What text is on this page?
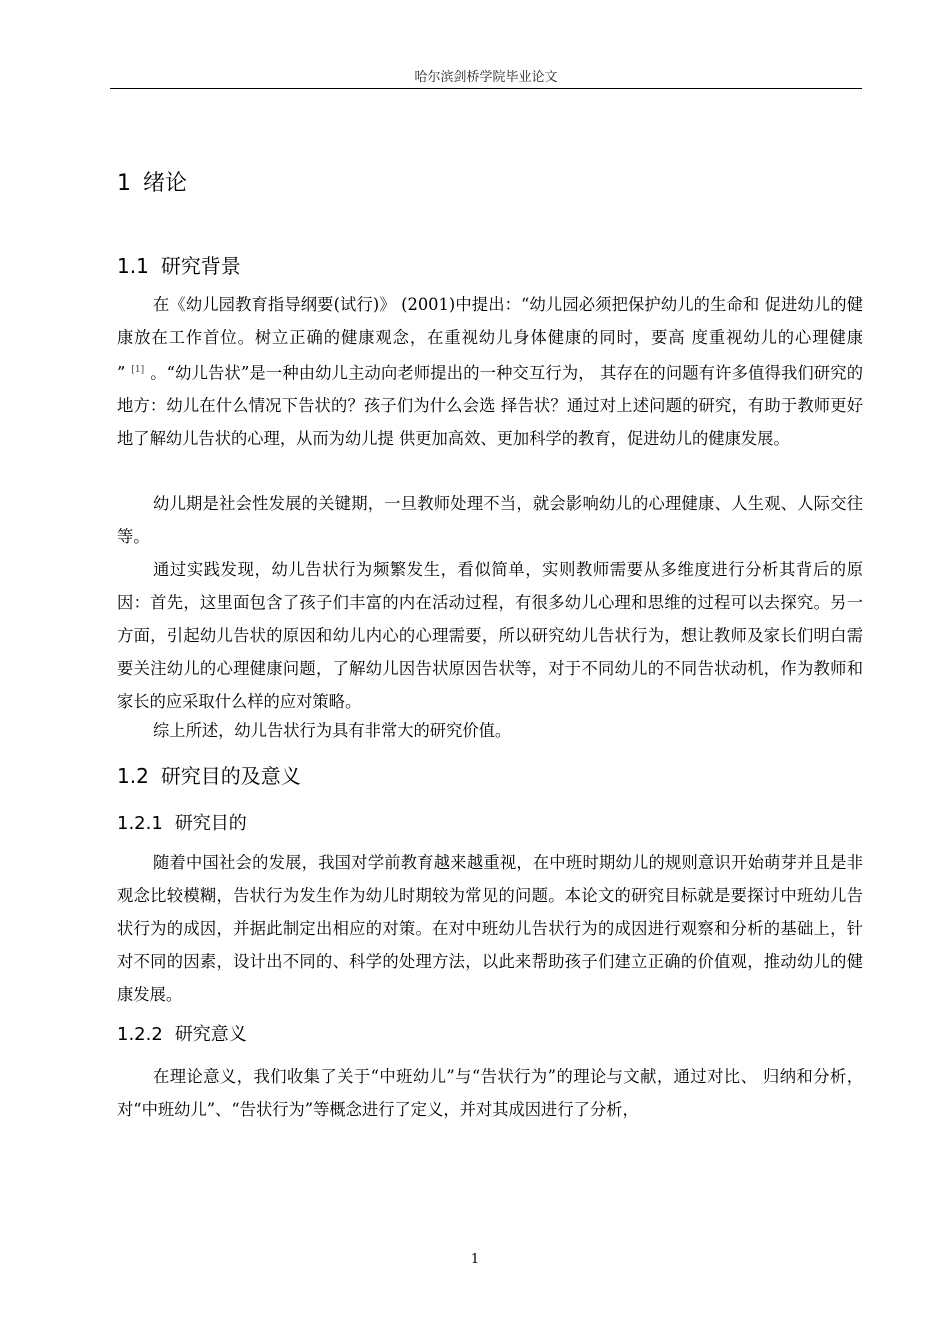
哈尔滨剑桥学院毕业论文
1 绪论
1.1 研究背景

在《幼儿园教育指导纲要(试行)》 (2001)中提出：“幼儿园必须把保护幼儿的生命和 促进幼儿的健康放在工作首位。树立正确的健康观念，在重视幼儿身体健康的同时，要高 度重视幼儿的心理健康 ” [1] 。“幼儿告状”是一种由幼儿主动向老师提出的一种交互行为， 其存在的问题有许多值得我们研究的地方：幼儿在什么情况下告状的？孩子们为什么会选 择告状？通过对上述问题的研究，有助于教师更好地了解幼儿告状的心理，从而为幼儿提 供更加高效、更加科学的教育，促进幼儿的健康发展。

幼儿期是社会性发展的关键期，一旦教师处理不当，就会影响幼儿的心理健康、人生观、人际交往等。

通过实践发现，幼儿告状行为频繁发生，看似简单，实则教师需要从多维度进行分析其背后的原因：首先，这里面包含了孩子们丰富的内在活动过程，有很多幼儿心理和思维的过程可以去探究。另一方面，引起幼儿告状的原因和幼儿内心的心理需要，所以研究幼儿告状行为，想让教师及家长们明白需要关注幼儿的心理健康问题，了解幼儿因告状原因告状等，对于不同幼儿的不同告状动机，作为教师和家长的应采取什么样的应对策略。

综上所述，幼儿告状行为具有非常大的研究价值。

1.2 研究目的及意义
1.2.1 研究目的

随着中国社会的发展，我国对学前教育越来越重视，在中班时期幼儿的规则意识开始萌芽并且是非观念比较模糊，告状行为发生作为幼儿时期较为常见的问题。本论文的研究目标就是要探讨中班幼儿告状行为的成因，并据此制定出相应的对策。在对中班幼儿告状行为的成因进行观察和分析的基础上，针对不同的因素，设计出不同的、科学的处理方法，以此来帮助孩子们建立正确的价值观，推动幼儿的健康发展。

1.2.2 研究意义

在理论意义，我们收集了关于“中班幼儿”与“告状行为”的理论与文献，通过对比、 归纳和分析，对“中班幼儿”、“告状行为”等概念进行了定义，并对其成因进行了分析，

1
